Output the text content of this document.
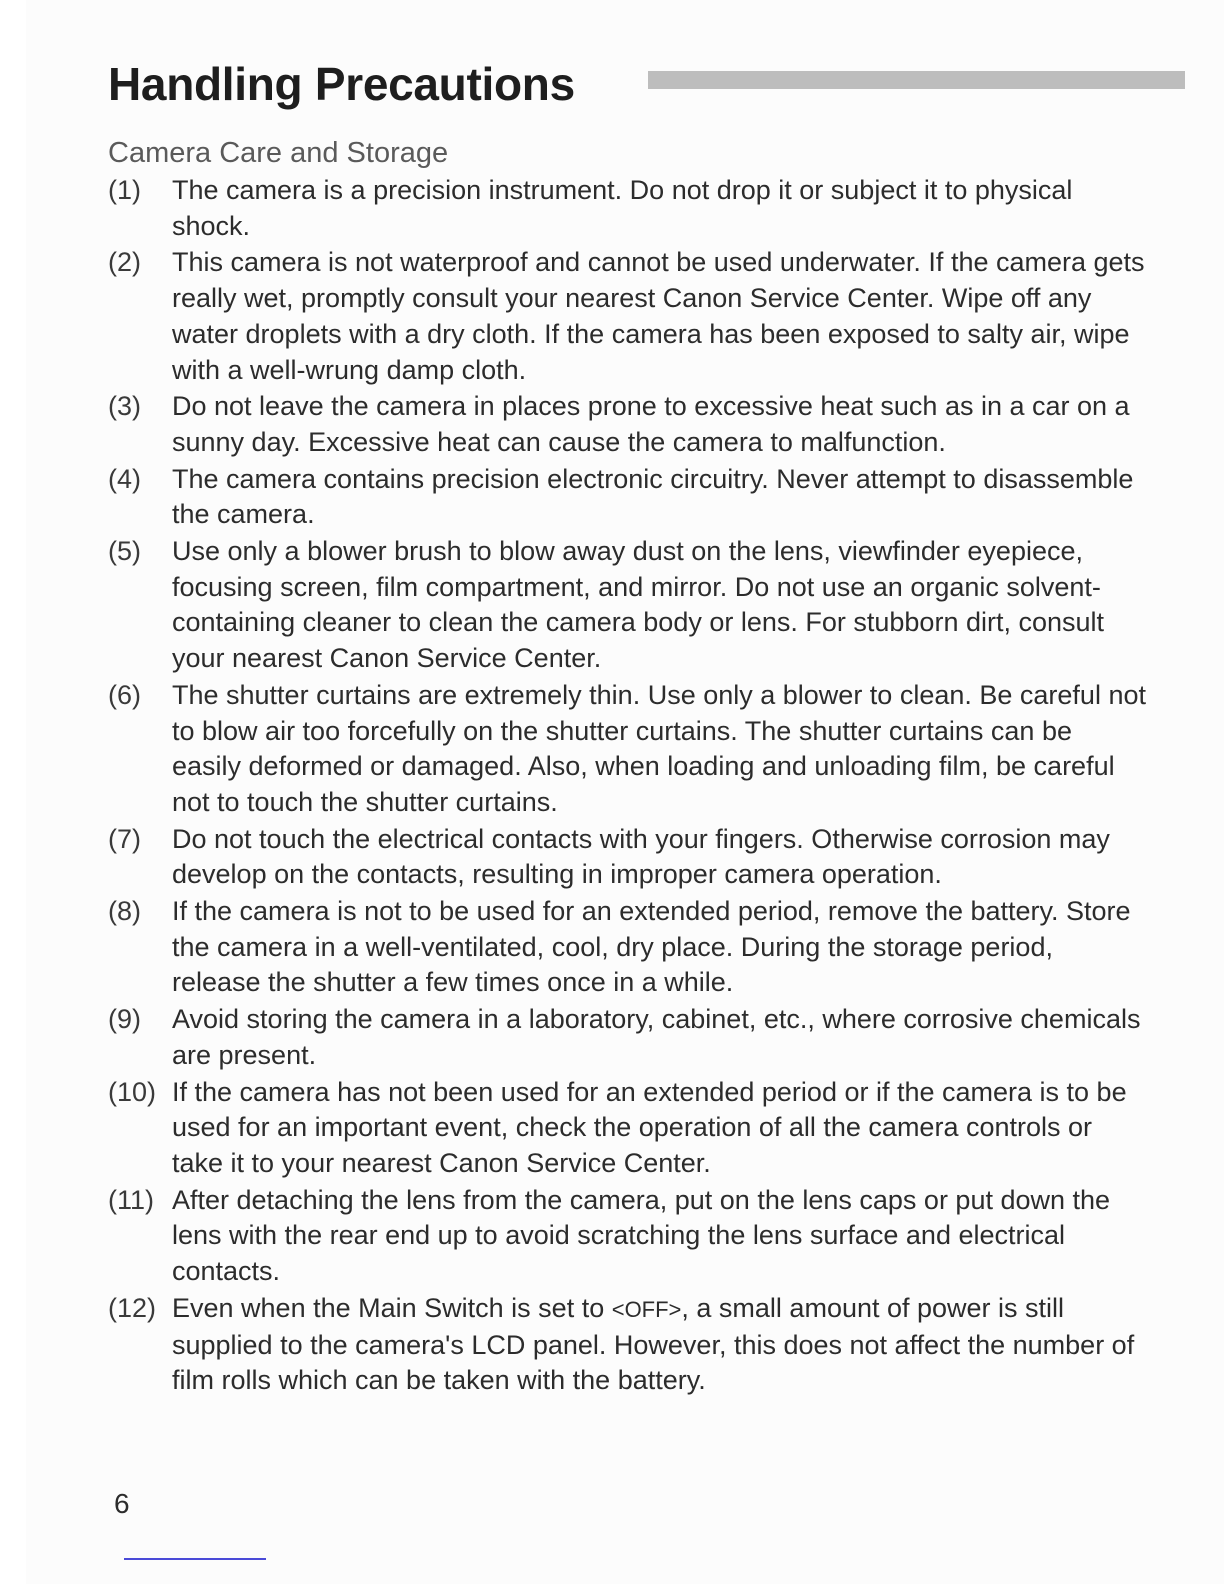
Handling Precautions
Camera Care and Storage
(1)	The camera is a precision instrument. Do not drop it or subject it to physical shock.
(2)	This camera is not waterproof and cannot be used underwater. If the camera gets really wet, promptly consult your nearest Canon Service Center. Wipe off any water droplets with a dry cloth. If the camera has been exposed to salty air, wipe with a well-wrung damp cloth.
(3)	Do not leave the camera in places prone to excessive heat such as in a car on a sunny day. Excessive heat can cause the camera to malfunction.
(4)	The camera contains precision electronic circuitry. Never attempt to disassemble the camera.
(5)	Use only a blower brush to blow away dust on the lens, viewfinder eyepiece, focusing screen, film compartment, and mirror. Do not use an organic solvent-containing cleaner to clean the camera body or lens. For stubborn dirt, consult your nearest Canon Service Center.
(6)	The shutter curtains are extremely thin. Use only a blower to clean. Be careful not to blow air too forcefully on the shutter curtains. The shutter curtains can be easily deformed or damaged. Also, when loading and unloading film, be careful not to touch the shutter curtains.
(7)	Do not touch the electrical contacts with your fingers. Otherwise corrosion may develop on the contacts, resulting in improper camera operation.
(8)	If the camera is not to be used for an extended period, remove the battery. Store the camera in a well-ventilated, cool, dry place. During the storage period, release the shutter a few times once in a while.
(9)	Avoid storing the camera in a laboratory, cabinet, etc., where corrosive chemicals are present.
(10) If the camera has not been used for an extended period or if the camera is to be used for an important event, check the operation of all the camera controls or take it to your nearest Canon Service Center.
(11) After detaching the lens from the camera, put on the lens caps or put down the lens with the rear end up to avoid scratching the lens surface and electrical contacts.
(12) Even when the Main Switch is set to <OFF>, a small amount of power is still supplied to the camera's LCD panel. However, this does not affect the number of film rolls which can be taken with the battery.
6
